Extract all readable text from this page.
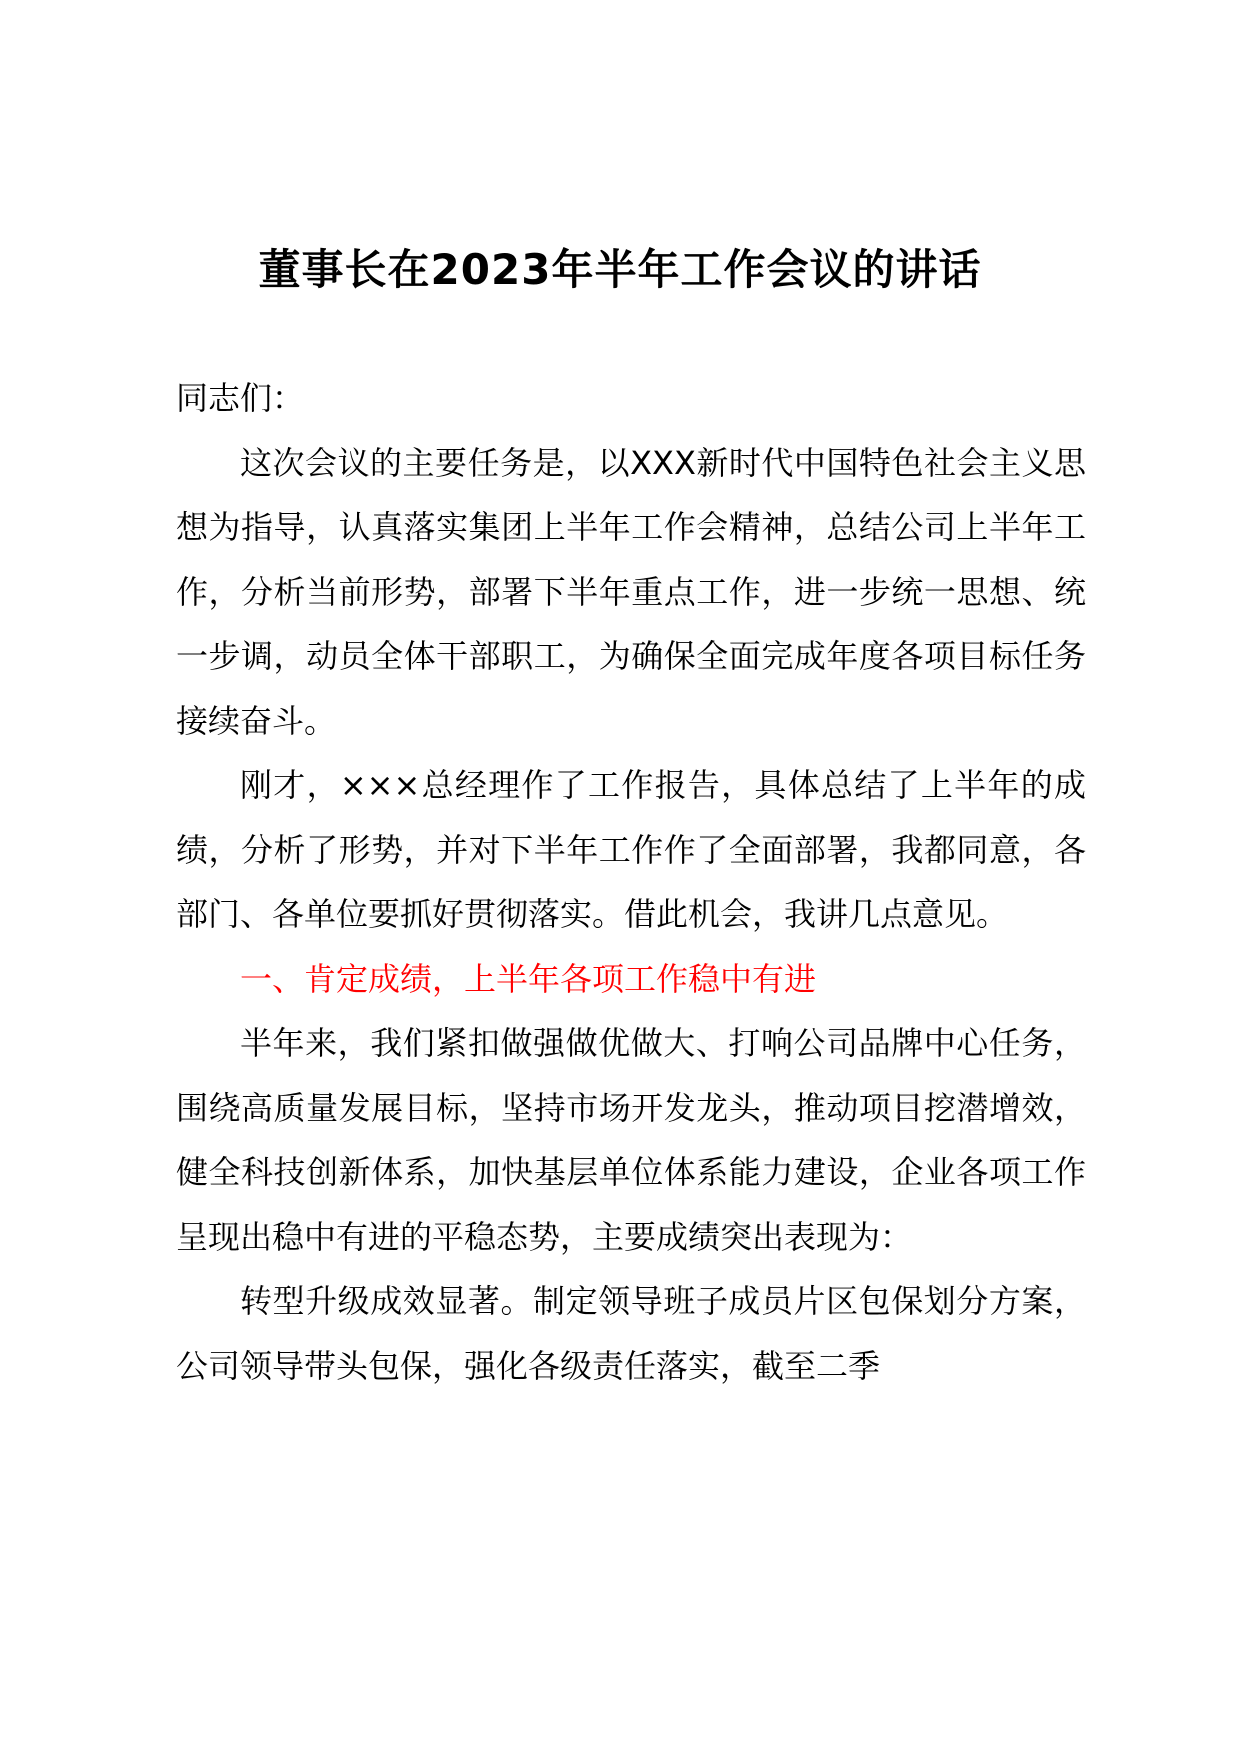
董事长在2023年半年工作会议的讲话

同志们：

这次会议的主要任务是，以XXX新时代中国特色社会主义思想为指导，认真落实集团上半年工作会精神，总结公司上半年工作，分析当前形势，部署下半年重点工作，进一步统一思想、统一步调，动员全体干部职工，为确保全面完成年度各项目标任务接续奋斗。

刚才，×××总经理作了工作报告，具体总结了上半年的成绩，分析了形势，并对下半年工作作了全面部署，我都同意，各部门、各单位要抓好贯彻落实。借此机会，我讲几点意见。

一、肯定成绩，上半年各项工作稳中有进

半年来，我们紧扣做强做优做大、打响公司品牌中心任务，围绕高质量发展目标，坚持市场开发龙头，推动项目挖潜增效，健全科技创新体系，加快基层单位体系能力建设，企业各项工作呈现出稳中有进的平稳态势，主要成绩突出表现为：

转型升级成效显著。制定领导班子成员片区包保划分方案，公司领导带头包保，强化各级责任落实，截至二季
